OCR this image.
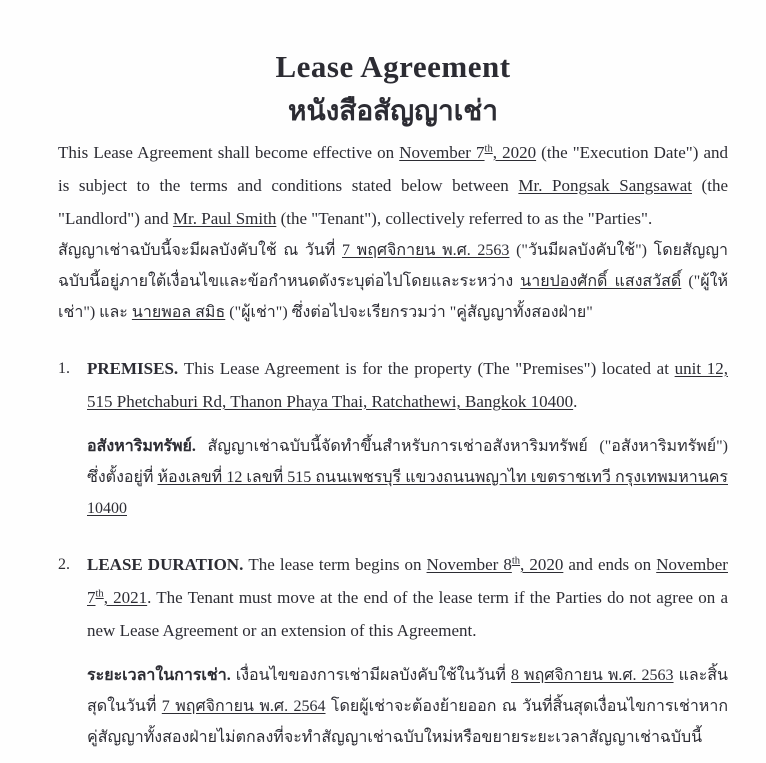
Lease Agreement
หนังสือสัญญาเช่า

This Lease Agreement shall become effective on November 7th, 2020 (the "Execution Date") and is subject to the terms and conditions stated below between Mr. Pongsak Sangsawat (the "Landlord") and Mr. Paul Smith (the "Tenant"), collectively referred to as the "Parties".

สัญญาเช่าฉบับนี้จะมีผลบังคับใช้ ณ วันที่ 7 พฤศจิกายน พ.ศ. 2563 ("วันมีผลบังคับใช้") โดยสัญญาฉบับนี้อยู่ภายใต้เงื่อนไขและข้อกำหนดดังระบุต่อไปโดยและระหว่าง นายปองศักดิ์ แสงสวัสดิ์ ("ผู้ให้เช่า") และ นายพอล สมิธ ("ผู้เช่า") ซึ่งต่อไปจะเรียกรวมว่า "คู่สัญญาทั้งสองฝ่าย"

1.	PREMISES. This Lease Agreement is for the property (The "Premises") located at unit 12, 515 Phetchaburi Rd, Thanon Phaya Thai, Ratchathewi, Bangkok 10400.

อสังหาริมทรัพย์. สัญญาเช่าฉบับนี้จัดทำขึ้นสำหรับการเช่าอสังหาริมทรัพย์ ("อสังหาริมทรัพย์") ซึ่งตั้งอยู่ที่ ห้องเลขที่ 12 เลขที่ 515 ถนนเพชรบุรี แขวงถนนพญาไท เขตราชเทวี กรุงเทพมหานคร 10400

2.	LEASE DURATION. The lease term begins on November 8th, 2020 and ends on November 7th, 2021. The Tenant must move at the end of the lease term if the Parties do not agree on a new Lease Agreement or an extension of this Agreement.

ระยะเวลาในการเช่า. เงื่อนไขของการเช่ามีผลบังคับใช้ในวันที่ 8 พฤศจิกายน พ.ศ. 2563 และสิ้นสุดในวันที่ 7 พฤศจิกายน พ.ศ. 2564 โดยผู้เช่าจะต้องย้ายออก ณ วันที่สิ้นสุดเงื่อนไขการเช่าหากคู่สัญญาทั้งสองฝ่ายไม่ตกลงที่จะทำสัญญาเช่าฉบับใหม่หรือขยายระยะเวลาสัญญาเช่าฉบับนี้
